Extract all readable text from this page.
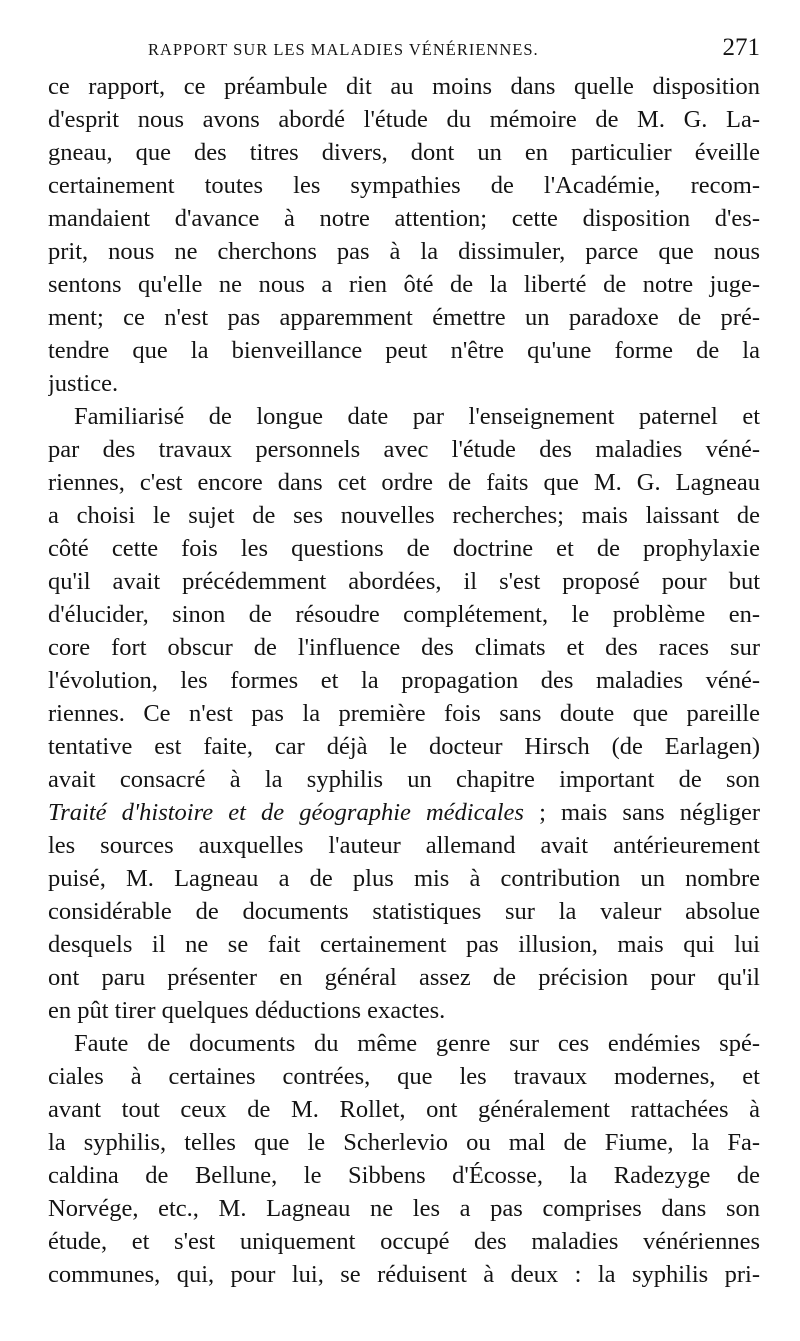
RAPPORT SUR LES MALADIES VÉNÉRIENNES.	271
ce rapport, ce préambule dit au moins dans quelle disposition
d'esprit nous avons abordé l'étude du mémoire de M. G. La-
gneau, que des titres divers, dont un en particulier éveille
certainement toutes les sympathies de l'Académie, recom-
mandaient d'avance à notre attention; cette disposition d'es-
prit, nous ne cherchons pas à la dissimuler, parce que nous
sentons qu'elle ne nous a rien ôté de la liberté de notre juge-
ment; ce n'est pas apparemment émettre un paradoxe de pré-
tendre que la bienveillance peut n'être qu'une forme de la
justice.
Familiarisé de longue date par l'enseignement paternel et
par des travaux personnels avec l'étude des maladies véné-
riennes, c'est encore dans cet ordre de faits que M. G. Lagneau
a choisi le sujet de ses nouvelles recherches; mais laissant de
côté cette fois les questions de doctrine et de prophylaxie
qu'il avait précédemment abordées, il s'est proposé pour but
d'élucider, sinon de résoudre complétement, le problème en-
core fort obscur de l'influence des climats et des races sur
l'évolution, les formes et la propagation des maladies véné-
riennes. Ce n'est pas la première fois sans doute que pareille
tentative est faite, car déjà le docteur Hirsch (de Earlagen)
avait consacré à la syphilis un chapitre important de son
Traité d'histoire et de géographie médicales ; mais sans négliger
les sources auxquelles l'auteur allemand avait antérieurement
puisé, M. Lagneau a de plus mis à contribution un nombre
considérable de documents statistiques sur la valeur absolue
desquels il ne se fait certainement pas illusion, mais qui lui
ont paru présenter en général assez de précision pour qu'il
en pût tirer quelques déductions exactes.
Faute de documents du même genre sur ces endémies spé-
ciales à certaines contrées, que les travaux modernes, et
avant tout ceux de M. Rollet, ont généralement rattachées à
la syphilis, telles que le Scherlevio ou mal de Fiume, la Fa-
caldina de Bellune, le Sibbens d'Écosse, la Radezyge de
Norvége, etc., M. Lagneau ne les a pas comprises dans son
étude, et s'est uniquement occupé des maladies vénériennes
communes, qui, pour lui, se réduisent à deux : la syphilis pri-
